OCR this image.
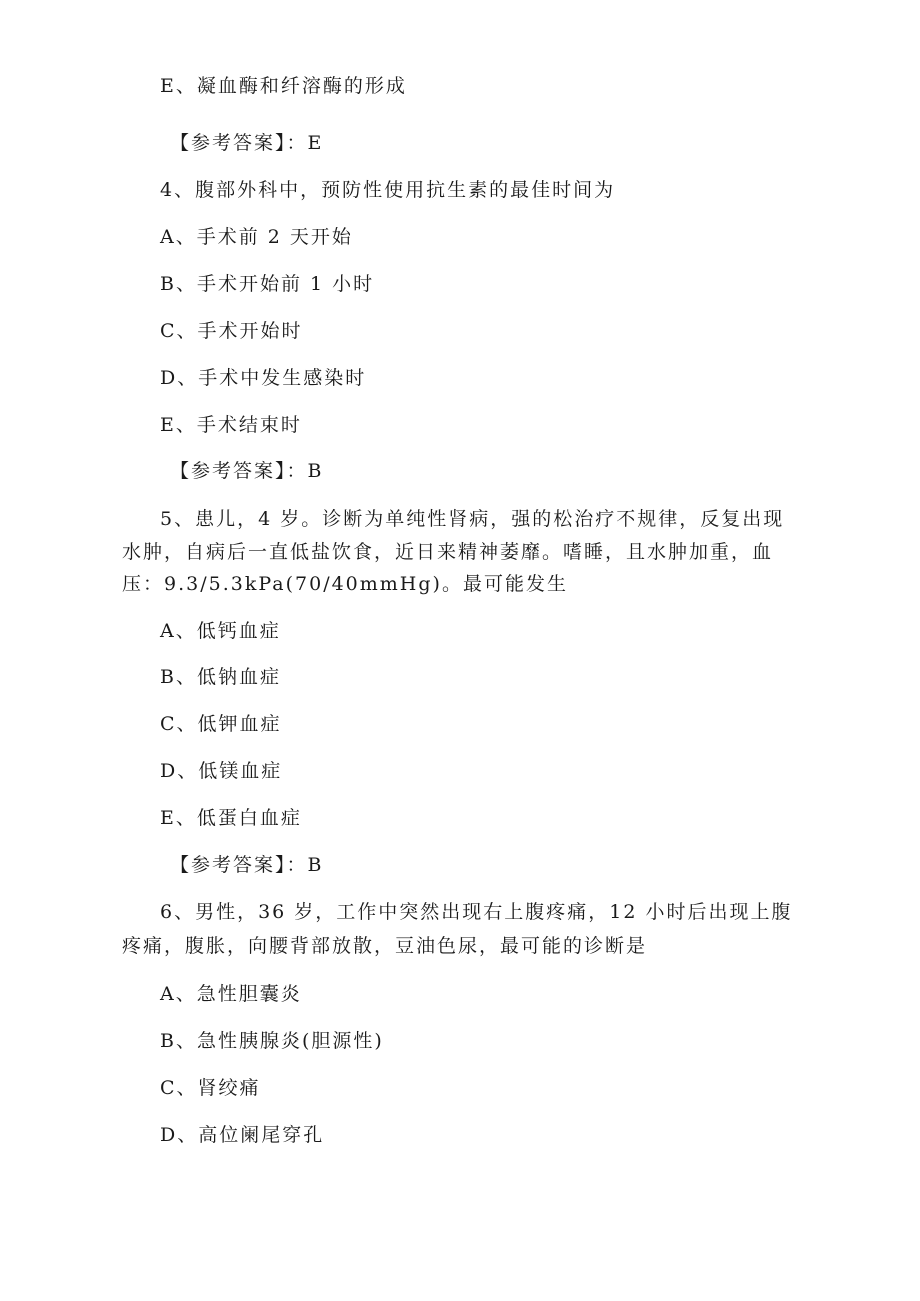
E、凝血酶和纤溶酶的形成
【参考答案】：E
4、腹部外科中，预防性使用抗生素的最佳时间为
A、手术前 2 天开始
B、手术开始前 1 小时
C、手术开始时
D、手术中发生感染时
E、手术结束时
【参考答案】：B
5、患儿，4 岁。诊断为单纯性肾病，强的松治疗不规律，反复出现
水肿，自病后一直低盐饮食，近日来精神萎靡。嗜睡，且水肿加重，血
压：9.3/5.3kPa(70/40mmHg)。最可能发生
A、低钙血症
B、低钠血症
C、低钾血症
D、低镁血症
E、低蛋白血症
【参考答案】：B
6、男性，36 岁，工作中突然出现右上腹疼痛，12 小时后出现上腹
疼痛，腹胀，向腰背部放散，豆油色尿，最可能的诊断是
A、急性胆囊炎
B、急性胰腺炎(胆源性)
C、肾绞痛
D、高位阑尾穿孔
